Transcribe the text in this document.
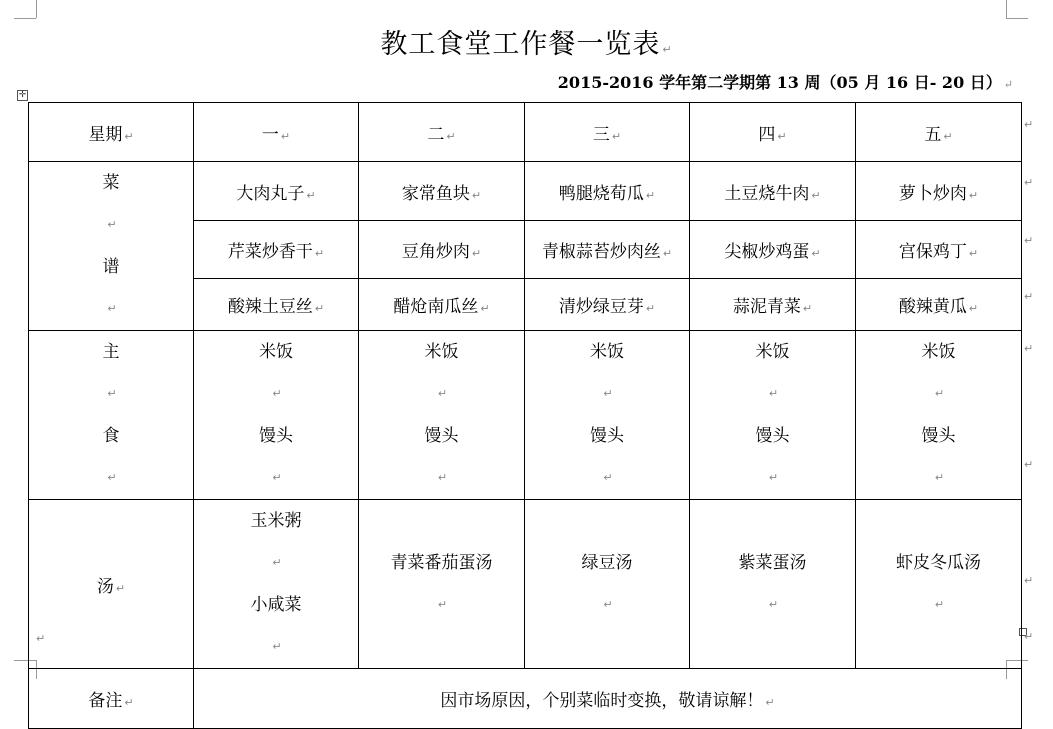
教工食堂工作餐一览表 ↵
2015-2016 学年第二学期第 13 周（05 月 16 日- 20 日） ↵
✛
星期 ↵	一 ↵	二 ↵	三 ↵	四 ↵	五 ↵

菜
↵
谱
↵	大肉丸子 ↵	家常鱼块 ↵	鸭腿烧荀瓜 ↵	土豆烧牛肉 ↵	萝卜炒肉 ↵
	芹菜炒香干 ↵	豆角炒肉 ↵	青椒蒜苔炒肉丝 ↵	尖椒炒鸡蛋 ↵	宫保鸡丁 ↵
	酸辣土豆丝 ↵	醋炝南瓜丝 ↵	清炒绿豆芽 ↵	蒜泥青菜 ↵	酸辣黄瓜 ↵

主
↵
食
↵	米饭
↵
馒头
↵	米饭
↵
馒头
↵	米饭
↵
馒头
↵	米饭
↵
馒头
↵	米饭
↵
馒头
↵

汤 ↵	玉米粥
↵
小咸菜
↵	青菜番茄蛋汤
↵	绿豆汤
↵	紫菜蛋汤
↵	虾皮冬瓜汤
↵

备注 ↵	因市场原因，个别菜临时变换，敬请谅解！ ↵				
↵
↵
↵
↵
↵
↵
↵
↵
↵
